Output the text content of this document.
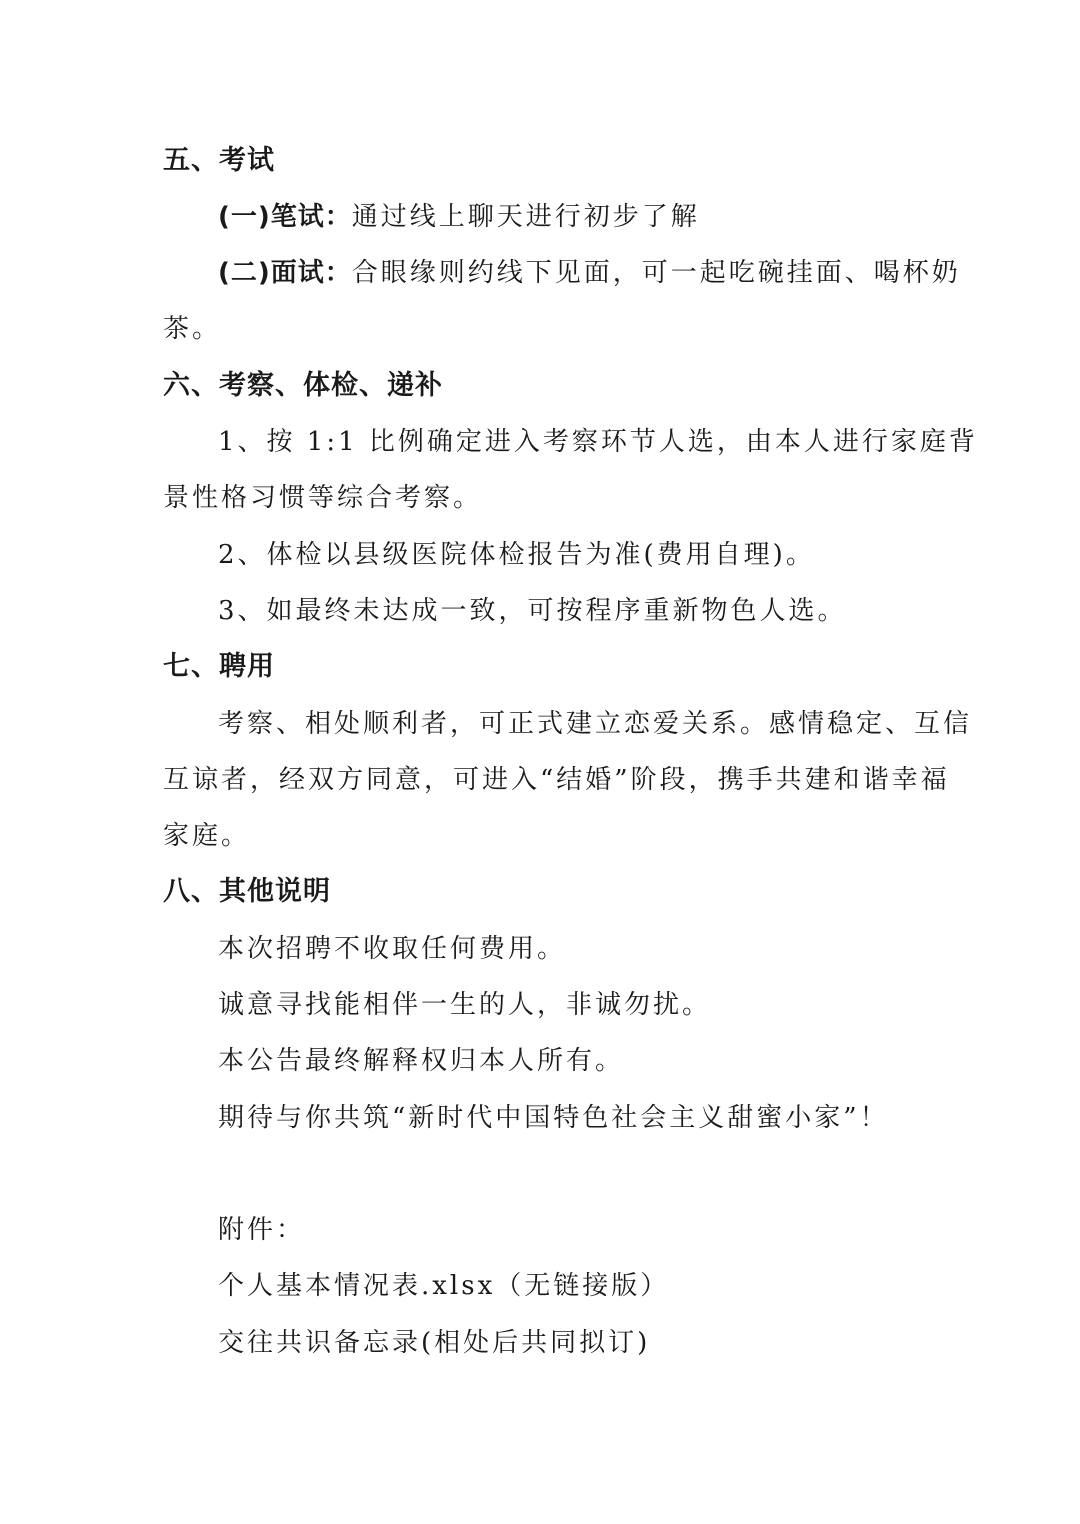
五、考试
(一)笔试：通过线上聊天进行初步了解
(二)面试：合眼缘则约线下见面，可一起吃碗挂面、喝杯奶
茶。
六、考察、体检、递补
1、按 1:1 比例确定进入考察环节人选，由本人进行家庭背
景性格习惯等综合考察。
2、体检以县级医院体检报告为准(费用自理)。
3、如最终未达成一致，可按程序重新物色人选。
七、聘用
考察、相处顺利者，可正式建立恋爱关系。感情稳定、互信
互谅者，经双方同意，可进入“结婚”阶段，携手共建和谐幸福
家庭。
八、其他说明
本次招聘不收取任何费用。
诚意寻找能相伴一生的人，非诚勿扰。
本公告最终解释权归本人所有。
期待与你共筑“新时代中国特色社会主义甜蜜小家”！
附件：
个人基本情况表.xlsx（无链接版）
交往共识备忘录(相处后共同拟订)
